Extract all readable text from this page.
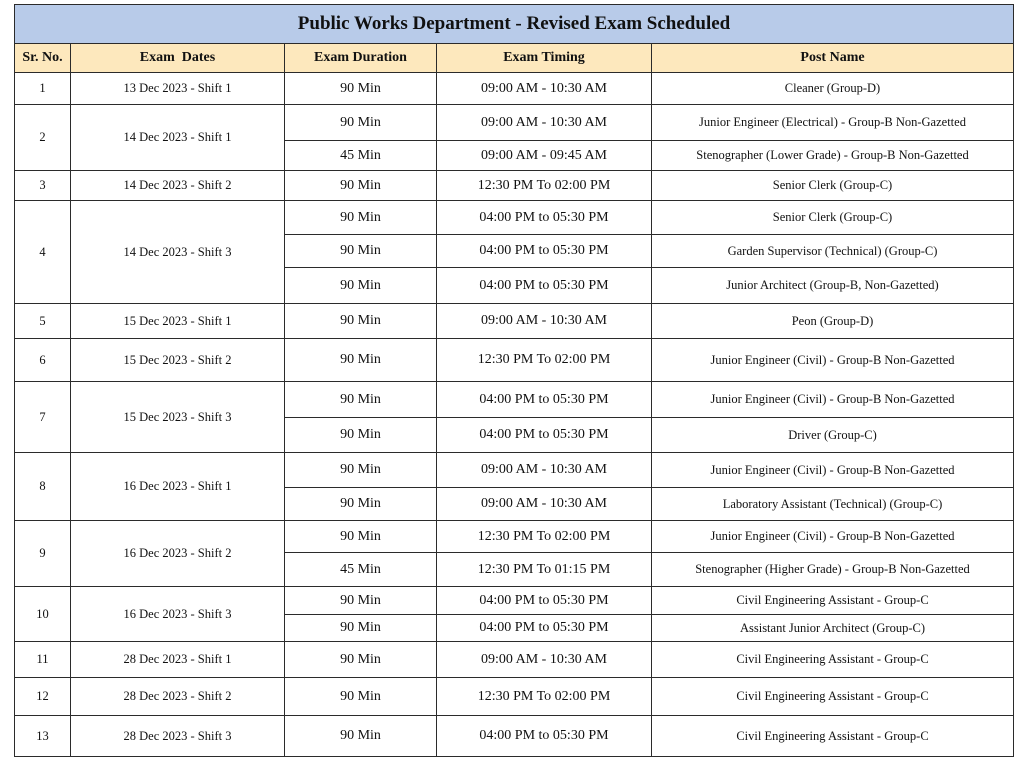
Public Works Department - Revised Exam Scheduled				
Sr. No.	Exam  Dates	Exam Duration	Exam Timing	Post Name
1	13 Dec 2023 - Shift 1	90 Min	09:00 AM - 10:30 AM	Cleaner (Group-D)
2	14 Dec 2023 - Shift 1	90 Min	09:00 AM - 10:30 AM	Junior Engineer (Electrical) - Group-B Non-Gazetted
		45 Min	09:00 AM - 09:45 AM	Stenographer (Lower Grade) - Group-B Non-Gazetted
3	14 Dec 2023 - Shift 2	90 Min	12:30 PM To 02:00 PM	Senior Clerk (Group-C)
4	14 Dec 2023 - Shift 3	90 Min	04:00 PM to 05:30 PM	Senior Clerk (Group-C)
		90 Min	04:00 PM to 05:30 PM	Garden Supervisor (Technical) (Group-C)
		90 Min	04:00 PM to 05:30 PM	Junior Architect (Group-B, Non-Gazetted)
5	15 Dec 2023 - Shift 1	90 Min	09:00 AM - 10:30 AM	Peon (Group-D)
6	15 Dec 2023 - Shift 2	90 Min	12:30 PM To 02:00 PM	Junior Engineer (Civil) - Group-B Non-Gazetted
7	15 Dec 2023 - Shift 3	90 Min	04:00 PM to 05:30 PM	Junior Engineer (Civil) - Group-B Non-Gazetted
		90 Min	04:00 PM to 05:30 PM	Driver (Group-C)
8	16 Dec 2023 - Shift 1	90 Min	09:00 AM - 10:30 AM	Junior Engineer (Civil) - Group-B Non-Gazetted
		90 Min	09:00 AM - 10:30 AM	Laboratory Assistant (Technical) (Group-C)
9	16 Dec 2023 - Shift 2	90 Min	12:30 PM To 02:00 PM	Junior Engineer (Civil) - Group-B Non-Gazetted
		45 Min	12:30 PM To 01:15 PM	Stenographer (Higher Grade) - Group-B Non-Gazetted
10	16 Dec 2023 - Shift 3	90 Min	04:00 PM to 05:30 PM	Civil Engineering Assistant - Group-C
		90 Min	04:00 PM to 05:30 PM	Assistant Junior Architect (Group-C)
11	28 Dec 2023 - Shift 1	90 Min	09:00 AM - 10:30 AM	Civil Engineering Assistant - Group-C
12	28 Dec 2023 - Shift 2	90 Min	12:30 PM To 02:00 PM	Civil Engineering Assistant - Group-C
13	28 Dec 2023 - Shift 3	90 Min	04:00 PM to 05:30 PM	Civil Engineering Assistant - Group-C
